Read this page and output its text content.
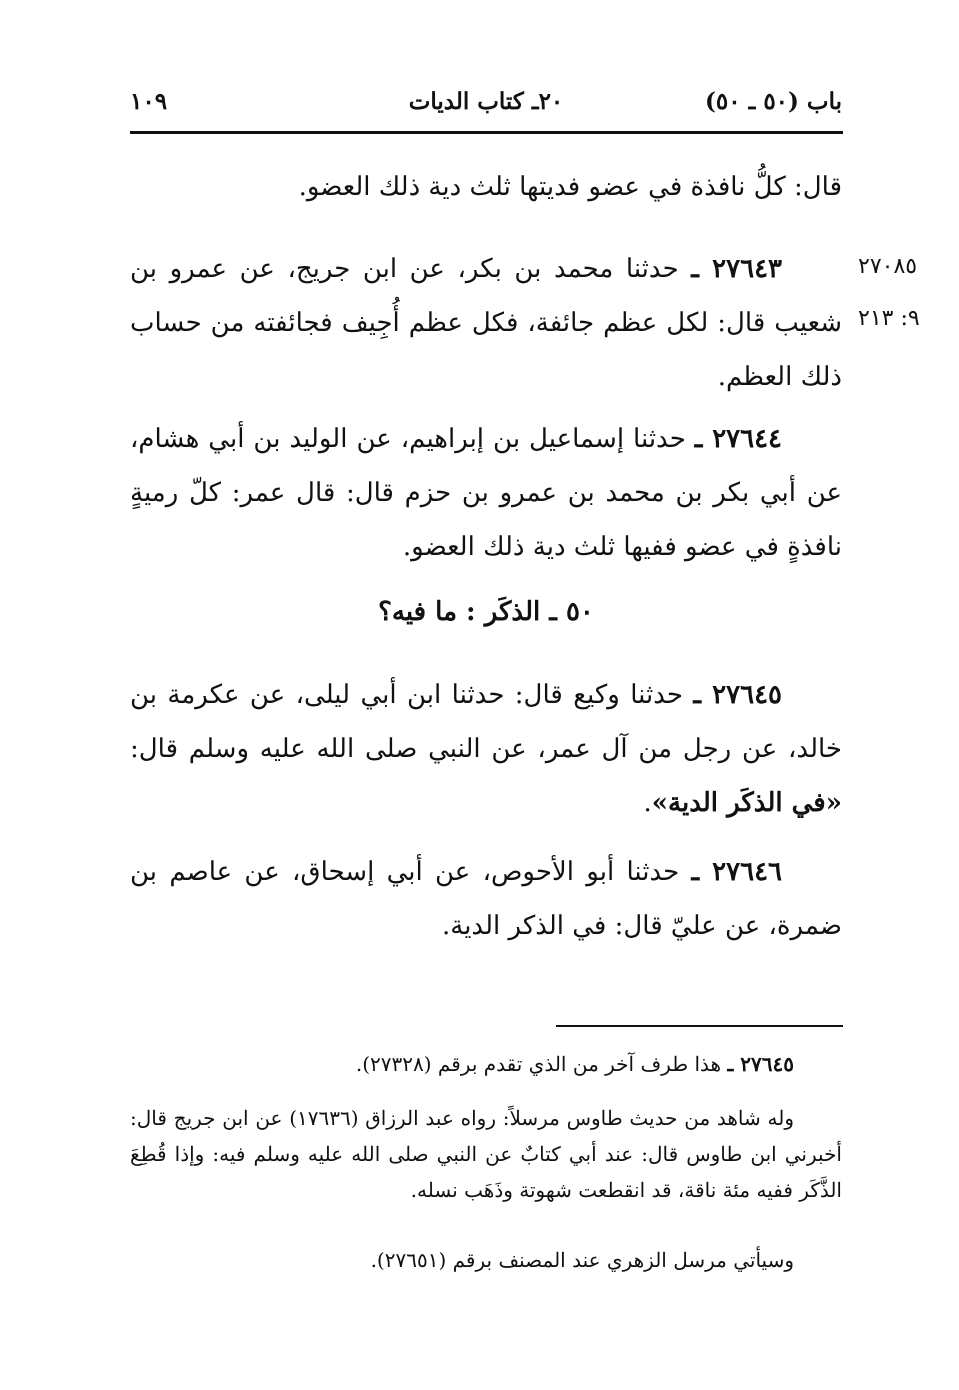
باب (٥٠ ـ ٥٠)
٢٠ـ كتاب الديات
١٠٩

قال: كلُّ نافذة في عضو فديتها ثلث دية ذلك العضو.

٢٧٠٨٥
٩: ٢١٣

٢٧٦٤٣ ـ حدثنا محمد بن بكر، عن ابن جريج، عن عمرو بن شعيب قال: لكل عظم جائفة، فكل عظم أُجِيف فجائفته من حساب ذلك العظم.

٢٧٦٤٤ ـ حدثنا إسماعيل بن إبراهيم، عن الوليد بن أبي هشام، عن أبي بكر بن محمد بن عمرو بن حزم قال: قال عمر: كلّ رميةٍ نافذةٍ في عضو ففيها ثلث دية ذلك العضو.

٥٠ ـ الذكَر : ما فيه؟

٢٧٦٤٥ ـ حدثنا وكيع قال: حدثنا ابن أبي ليلى، عن عكرمة بن خالد، عن رجل من آل عمر، عن النبي صلى الله عليه وسلم قال: «في الذكَر الدية».

٢٧٦٤٦ ـ حدثنا أبو الأحوص، عن أبي إسحاق، عن عاصم بن ضمرة، عن عليّ قال: في الذكر الدية.

٢٧٦٤٥ ـ هذا طرف آخر من الذي تقدم برقم (٢٧٣٢٨).

وله شاهد من حديث طاوس مرسلاً: رواه عبد الرزاق (١٧٦٣٦) عن ابن جريج قال: أخبرني ابن طاوس قال: عند أبي كتابٌ عن النبي صلى الله عليه وسلم فيه: وإذا قُطِعَ الذَّكَر ففيه مئة ناقة، قد انقطعت شهوتة وذَهَب نسله.

وسيأتي مرسل الزهري عند المصنف برقم (٢٧٦٥١).
